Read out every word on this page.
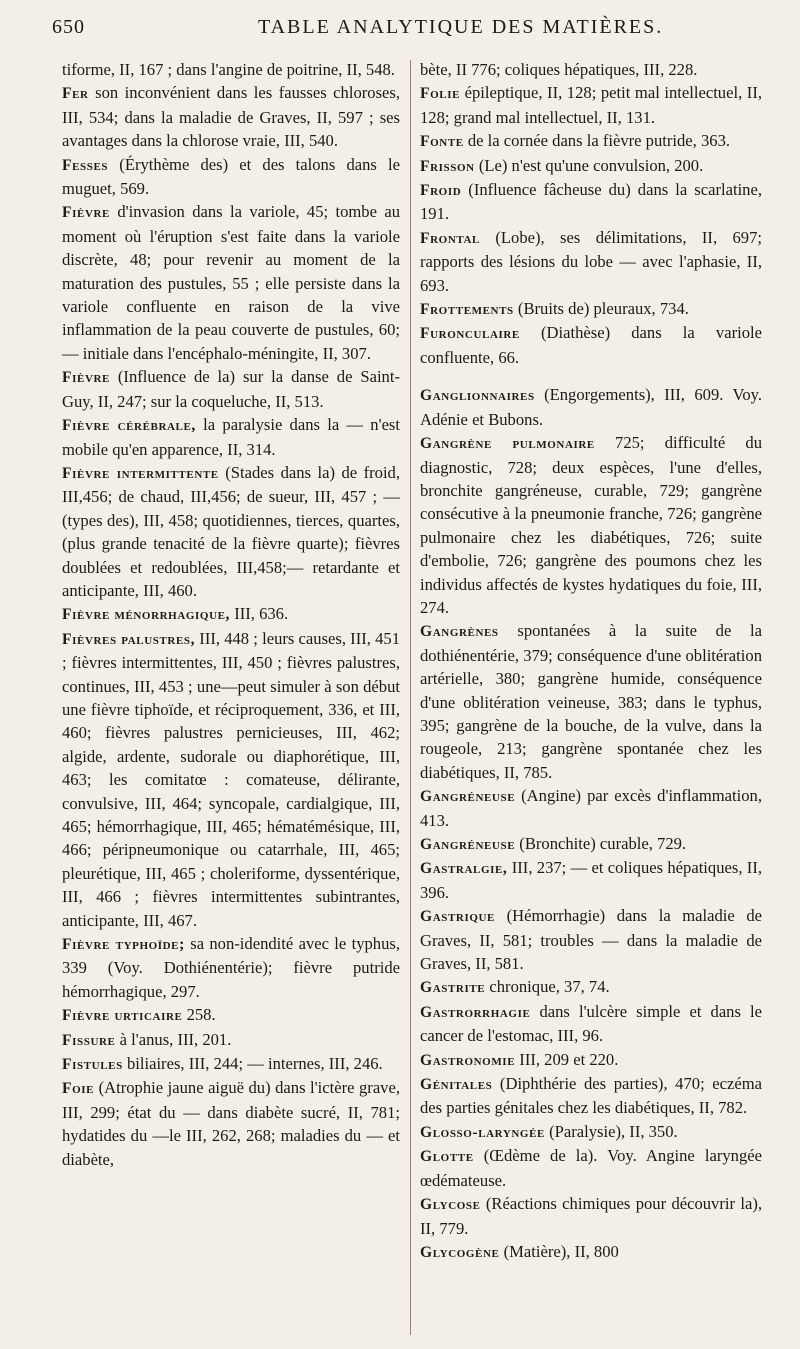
650	TABLE ANALYTIQUE DES MATIÈRES.

tiforme, II, 167 ; dans l'angine de poitrine, II, 548.

Fer son inconvénient dans les fausses chloroses, III, 534; dans la maladie de Graves, II, 597 ; ses avantages dans la chlorose vraie, III, 540.

Fesses (Érythème des) et des talons dans le muguet, 569.

Fièvre d'invasion dans la variole, 45; tombe au moment où l'éruption s'est faite dans la variole discrète, 48; pour revenir au moment de la maturation des pustules, 55 ; elle persiste dans la variole confluente en raison de la vive inflammation de la peau couverte de pustules, 60; — initiale dans l'encéphalo-méningite, II, 307.

Fièvre (Influence de la) sur la danse de Saint-Guy, II, 247; sur la coqueluche, II, 513.

Fièvre cérébrale, la paralysie dans la — n'est mobile qu'en apparence, II, 314.

Fièvre intermittente (Stades dans la) de froid, III,456; de chaud, III,456; de sueur, III, 457 ; — (types des), III, 458; quotidiennes, tierces, quartes, (plus grande tenacité de la fièvre quarte); fièvres doublées et redoublées, III,458;— retardante et anticipante, III, 460.

Fièvre ménorrhagique, III, 636.

Fièvres palustres, III, 448 ; leurs causes, III, 451 ; fièvres intermittentes, III, 450 ; fièvres palustres, continues, III, 453 ; une—peut simuler à son début une fièvre tiphoïde, et réciproquement, 336, et III, 460; fièvres palustres pernicieuses, III, 462; algide, ardente, sudorale ou diaphorétique, III, 463; les comitatœ : comateuse, délirante, convulsive, III, 464; syncopale, cardialgique, III, 465; hémorrhagique, III, 465; hématémésique, III, 466; péripneumonique ou catarrhale, III, 465; pleurétique, III, 465 ; choleriforme, dyssentérique, III, 466 ; fièvres intermittentes subintrantes, anticipante, III, 467.

Fièvre typhoïde; sa non-idendité avec le typhus, 339 (Voy. Dothiénentérie); fièvre putride hémorrhagique, 297.

Fièvre urticaire 258.

Fissure à l'anus, III, 201.

Fistules biliaires, III, 244; — internes, III, 246.

Foie (Atrophie jaune aiguë du) dans l'ictère grave, III, 299; état du — dans diabète sucré, II, 781; hydatides du —le III, 262, 268; maladies du — et diabète,

bète, II 776; coliques hépatiques, III, 228.

Folie épileptique, II, 128; petit mal intellectuel, II, 128; grand mal intellectuel, II, 131.

Fonte de la cornée dans la fièvre putride, 363.

Frisson (Le) n'est qu'une convulsion, 200.

Froid (Influence fâcheuse du) dans la scarlatine, 191.

Frontal (Lobe), ses délimitations, II, 697; rapports des lésions du lobe — avec l'aphasie, II, 693.

Frottements (Bruits de) pleuraux, 734.

Furonculaire (Diathèse) dans la variole confluente, 66.

Ganglionnaires (Engorgements), III, 609. Voy. Adénie et Bubons.

Gangrène pulmonaire 725; difficulté du diagnostic, 728; deux espèces, l'une d'elles, bronchite gangréneuse, curable, 729; gangrène consécutive à la pneumonie franche, 726; gangrène pulmonaire chez les diabétiques, 726; suite d'embolie, 726; gangrène des poumons chez les individus affectés de kystes hydatiques du foie, III, 274.

Gangrènes spontanées à la suite de la dothiénentérie, 379; conséquence d'une oblitération artérielle, 380; gangrène humide, conséquence d'une oblitération veineuse, 383; dans le typhus, 395; gangrène de la bouche, de la vulve, dans la rougeole, 213; gangrène spontanée chez les diabétiques, II, 785.

Gangréneuse (Angine) par excès d'inflammation, 413.

Gangréneuse (Bronchite) curable, 729.

Gastralgie, III, 237; — et coliques hépatiques, II, 396.

Gastrique (Hémorrhagie) dans la maladie de Graves, II, 581; troubles — dans la maladie de Graves, II, 581.

Gastrite chronique, 37, 74.

Gastrorrhagie dans l'ulcère simple et dans le cancer de l'estomac, III, 96.

Gastronomie III, 209 et 220.

Génitales (Diphthérie des parties), 470; eczéma des parties génitales chez les diabétiques, II, 782.

Glosso-laryngée (Paralysie), II, 350.

Glotte (Œdème de la). Voy. Angine laryngée œdémateuse.

Glycose (Réactions chimiques pour découvrir la), II, 779.

Glycogène (Matière), II, 800
